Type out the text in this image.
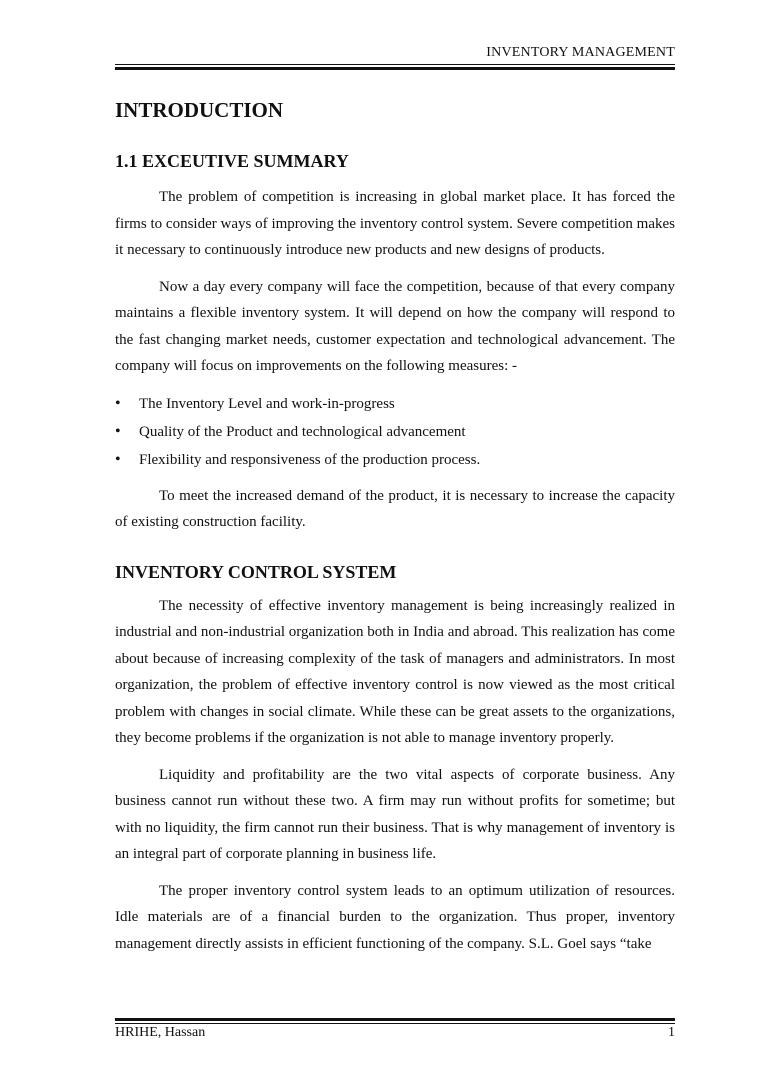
INVENTORY MANAGEMENT
INTRODUCTION
1.1 EXCEUTIVE SUMMARY

The problem of competition is increasing in global market place. It has forced the firms to consider ways of improving the inventory control system. Severe competition makes it necessary to continuously introduce new products and new designs of products.

Now a day every company will face the competition, because of that every company maintains a flexible inventory system. It will depend on how the company will respond to the fast changing market needs, customer expectation and technological advancement. The company will focus on improvements on the following measures: -

• The Inventory Level and work-in-progress
• Quality of the Product and technological advancement
• Flexibility and responsiveness of the production process.

To meet the increased demand of the product, it is necessary to increase the capacity of existing construction facility.

INVENTORY CONTROL SYSTEM

The necessity of effective inventory management is being increasingly realized in industrial and non-industrial organization both in India and abroad. This realization has come about because of increasing complexity of the task of managers and administrators. In most organization, the problem of effective inventory control is now viewed as the most critical problem with changes in social climate. While these can be great assets to the organizations, they become problems if the organization is not able to manage inventory properly.

Liquidity and profitability are the two vital aspects of corporate business. Any business cannot run without these two. A firm may run without profits for sometime; but with no liquidity, the firm cannot run their business. That is why management of inventory is an integral part of corporate planning in business life.

The proper inventory control system leads to an optimum utilization of resources. Idle materials are of a financial burden to the organization. Thus proper, inventory management directly assists in efficient functioning of the company. S.L. Goel says “take

HRIHE, Hassan	1
